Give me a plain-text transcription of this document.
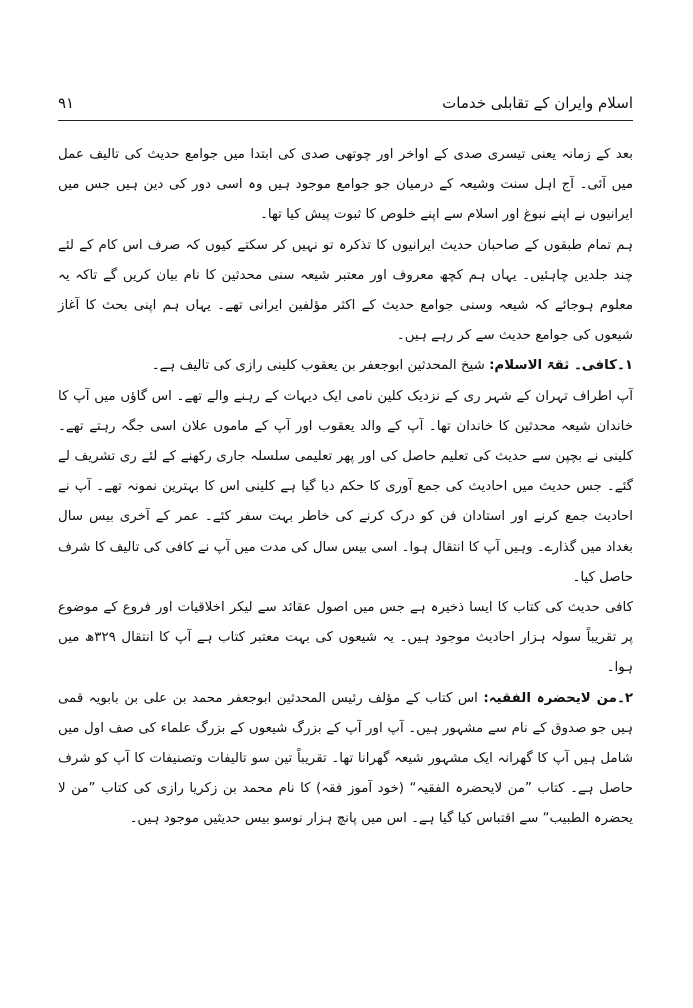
اسلام وایران کے تقابلی خدمات
۹۱

بعد کے زمانہ یعنی تیسری صدی کے اواخر اور چوتھی صدی کی ابتدا میں جوامع حدیث کی تالیف عمل میں آئی۔ آج اہل سنت وشیعہ کے درمیان جو جوامع موجود ہیں وہ اسی دور کی دین ہیں جس میں ایرانیوں نے اپنے نبوغ اور اسلام سے اپنے خلوص کا ثبوت پیش کیا تھا۔

ہم تمام طبقوں کے صاحبان حدیث ایرانیوں کا تذکرہ تو نہیں کر سکتے کیوں کہ صرف اس کام کے لئے چند جلدیں چاہئیں۔ یہاں ہم کچھ معروف اور معتبر شیعہ سنی محدثین کا نام بیان کریں گے تاکہ یہ معلوم ہوجائے کہ شیعہ وسنی جوامع حدیث کے اکثر مؤلفین ایرانی تھے۔ یہاں ہم اپنی بحث کا آغاز شیعوں کی جوامع حدیث سے کر رہے ہیں۔

۱۔کافی۔ ثقۃ الاسلام: شیخ المحدثین ابوجعفر بن یعقوب کلینی رازی کی تالیف ہے۔

آپ اطراف تہران کے شہر ری کے نزدیک کلین نامی ایک دیہات کے رہنے والے تھے۔ اس گاؤں میں آپ کا خاندان شیعہ محدثین کا خاندان تھا۔ آپ کے والد یعقوب اور آپ کے ماموں علان اسی جگہ رہتے تھے۔ کلینی نے بچپن سے حدیث کی تعلیم حاصل کی اور پھر تعلیمی سلسلہ جاری رکھنے کے لئے ری تشریف لے گئے۔ جس حدیث میں احادیث کی جمع آوری کا حکم دیا گیا ہے کلینی اس کا بہترین نمونہ تھے۔ آپ نے احادیث جمع کرنے اور استادان فن کو درک کرنے کی خاطر بہت سفر کئے۔ عمر کے آخری بیس سال بغداد میں گذارے۔ وہیں آپ کا انتقال ہوا۔ اسی بیس سال کی مدت میں آپ نے کافی کی تالیف کا شرف حاصل کیا۔

کافی حدیث کی کتاب کا ایسا ذخیرہ ہے جس میں اصول عقائد سے لیکر اخلاقیات اور فروع کے موضوع پر تقریباً سولہ ہزار احادیث موجود ہیں۔ یہ شیعوں کی بہت معتبر کتاب ہے آپ کا انتقال ۳۲۹ھ میں ہوا۔

۲۔من لایحضرہ الفقیہ: اس کتاب کے مؤلف رئیس المحدثین ابوجعفر محمد بن علی بن بابویہ قمی ہیں جو صدوق کے نام سے مشہور ہیں۔ آپ اور آپ کے بزرگ شیعوں کے بزرگ علماء کی صف اول میں شامل ہیں آپ کا گھرانہ ایک مشہور شیعہ گھرانا تھا۔ تقریباً تین سو تالیفات وتصنیفات کا آپ کو شرف حاصل ہے۔ کتاب ”من لایحضرہ الفقیہ“ (خود آموز فقہ) کا نام محمد بن زکریا رازی کی کتاب ”من لا یحضرہ الطبیب“ سے اقتباس کیا گیا ہے۔ اس میں پانچ ہزار نوسو بیس حدیثیں موجود ہیں۔
